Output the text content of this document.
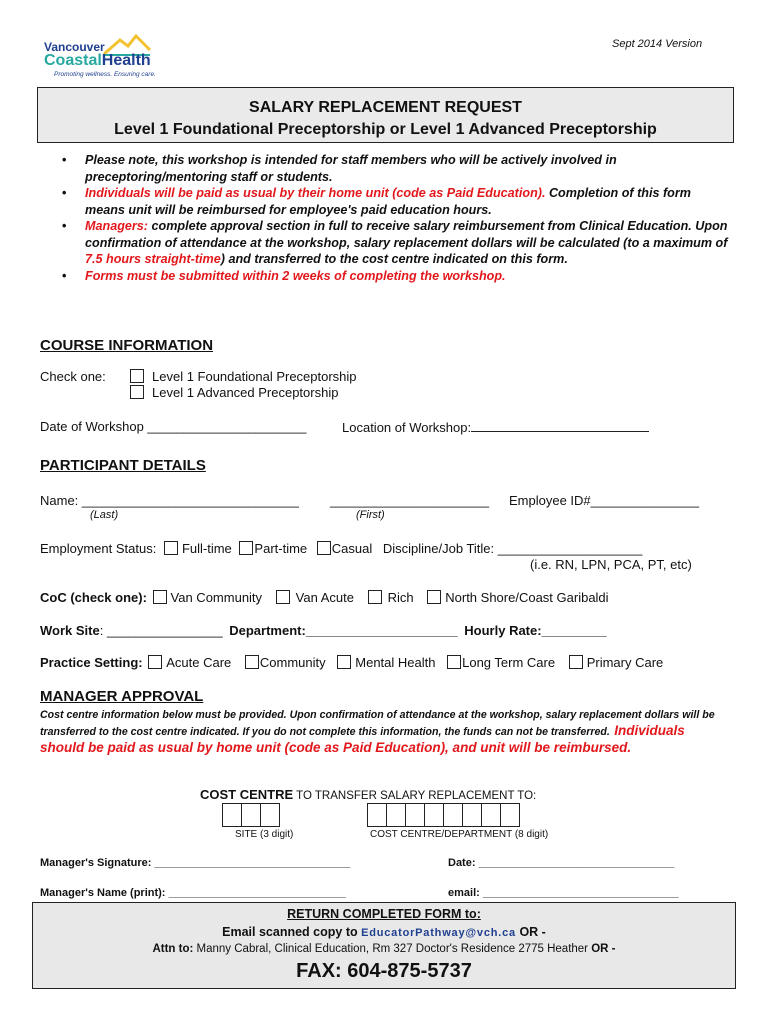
Vancouver
CoastalHealth
Promoting wellness. Ensuring care.
Sept 2014 Version
SALARY REPLACEMENT REQUEST
Level 1 Foundational Preceptorship or Level 1 Advanced Preceptorship
• Please note, this workshop is intended for staff members who will be actively involved in preceptoring/mentoring staff or students.
• Individuals will be paid as usual by their home unit (code as Paid Education). Completion of this form means unit will be reimbursed for employee's paid education hours.
• Managers: complete approval section in full to receive salary reimbursement from Clinical Education. Upon confirmation of attendance at the workshop, salary replacement dollars will be calculated (to a maximum of 7.5 hours straight-time) and transferred to the cost centre indicated on this form.
• Forms must be submitted within 2 weeks of completing the workshop.
COURSE INFORMATION
Check one:	Level 1 Foundational Preceptorship
Level 1 Advanced Preceptorship
Date of Workshop ______________________	Location of Workshop:
PARTICIPANT DETAILS
Name: ______________________________ ______________________ Employee ID#_______________
(Last)	(First)
Employment Status: Full-time Part-time Casual Discipline/Job Title: ____________________
(i.e. RN, LPN, PCA, PT, etc)
CoC (check one): Van Community	Van Acute	Rich North Shore/Coast Garibaldi
Work Site: ________________ Department:_____________________ Hourly Rate:_________
Practice Setting: Acute Care Community Mental Health Long Term Care Primary Care
MANAGER APPROVAL
Cost centre information below must be provided. Upon confirmation of attendance at the workshop, salary replacement dollars will be transferred to the cost centre indicated. If you do not complete this information, the funds can not be transferred. Individuals should be paid as usual by home unit (code as Paid Education), and unit will be reimbursed.
COST CENTRE TO TRANSFER SALARY REPLACEMENT TO:
SITE (3 digit)	COST CENTRE/DEPARTMENT (8 digit)
Manager's Signature: ________________________________	Date: ________________________________
Manager's Name (print): _____________________________	email: ________________________________
RETURN COMPLETED FORM to:
Email scanned copy to EducatorPathway@vch.ca OR -
Attn to: Manny Cabral, Clinical Education, Rm 327 Doctor's Residence 2775 Heather OR -
FAX: 604-875-5737
